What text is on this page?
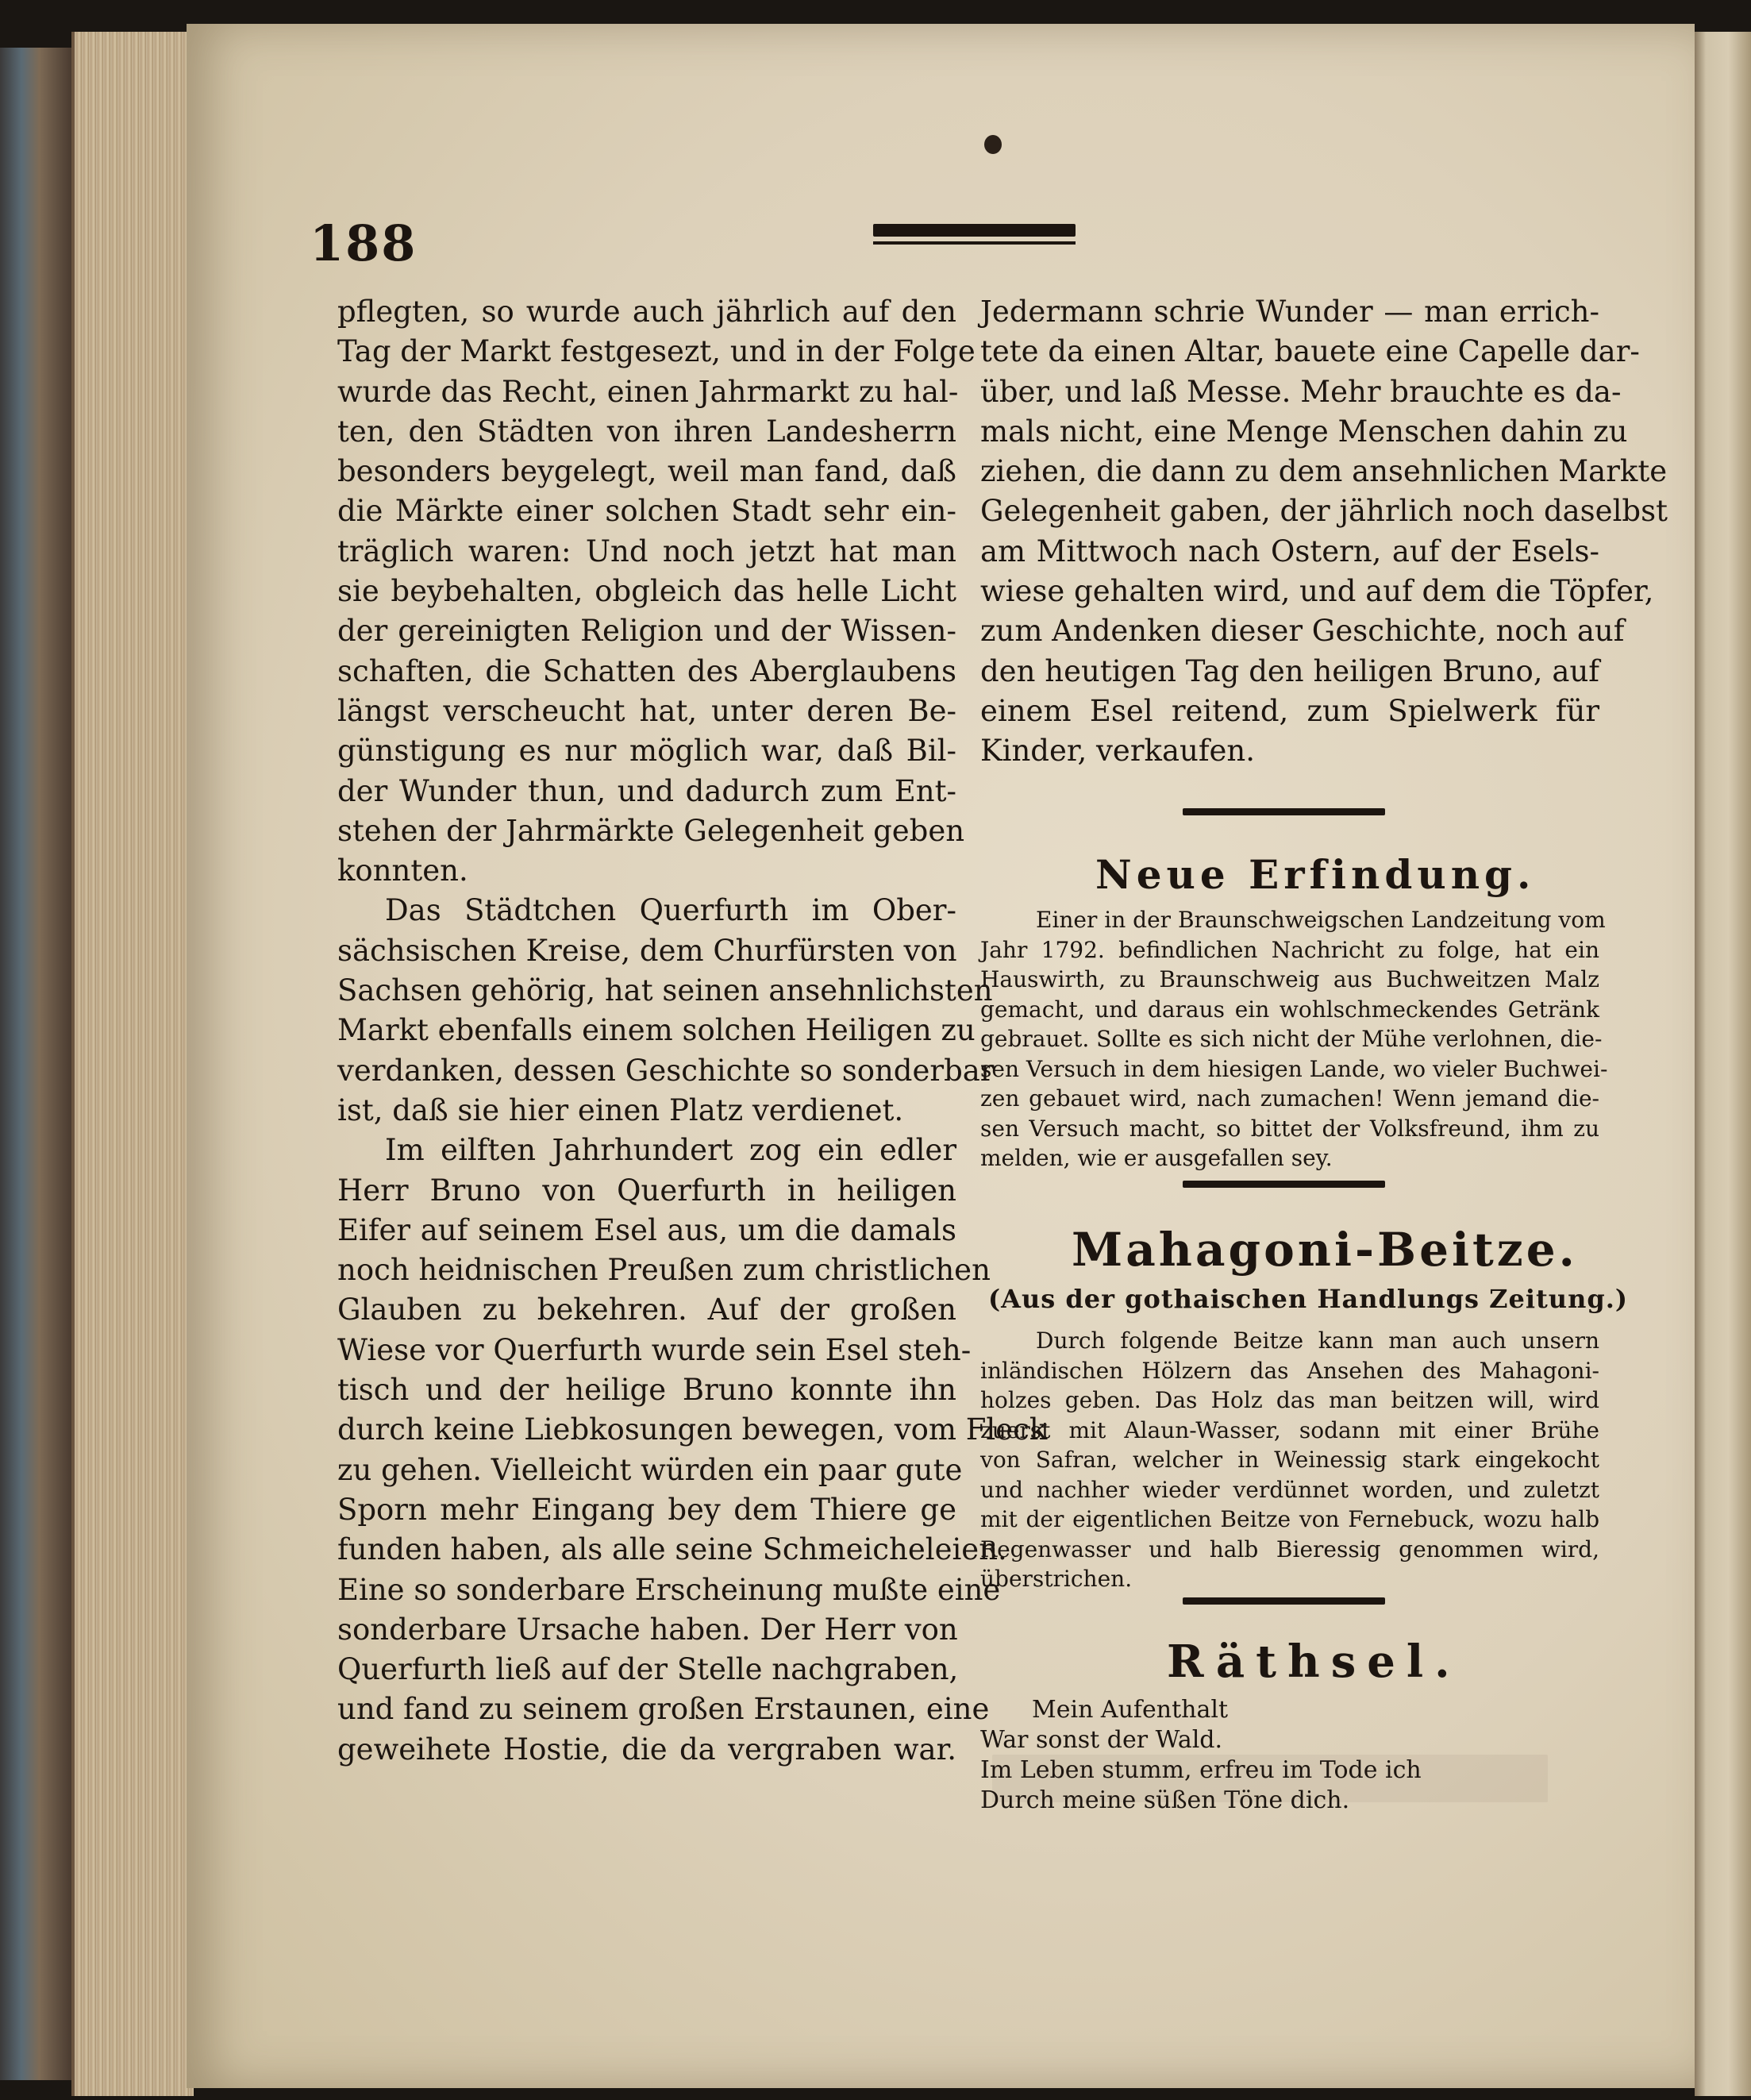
188
pflegten, so wurde auch jährlich auf den
Tag der Markt festgesezt, und in der Folge
wurde das Recht, einen Jahrmarkt zu hal-
ten, den Städten von ihren Landesherrn
besonders beygelegt, weil man fand, daß
die Märkte einer solchen Stadt sehr ein-
träglich waren: Und noch jetzt hat man
sie beybehalten, obgleich das helle Licht
der gereinigten Religion und der Wissen-
schaften, die Schatten des Aberglaubens
längst verscheucht hat, unter deren Be-
günstigung es nur möglich war, daß Bil-
der Wunder thun, und dadurch zum Ent-
stehen der Jahrmärkte Gelegenheit geben
konnten.
Das Städtchen Querfurth im Ober-
sächsischen Kreise, dem Churfürsten von
Sachsen gehörig, hat seinen ansehnlichsten
Markt ebenfalls einem solchen Heiligen zu
verdanken, dessen Geschichte so sonderbar
ist, daß sie hier einen Platz verdienet.
Im eilften Jahrhundert zog ein edler
Herr Bruno von Querfurth in heiligen
Eifer auf seinem Esel aus, um die damals
noch heidnischen Preußen zum christlichen
Glauben zu bekehren. Auf der großen
Wiese vor Querfurth wurde sein Esel steh-
tisch und der heilige Bruno konnte ihn
durch keine Liebkosungen bewegen, vom Fleck
zu gehen. Vielleicht würden ein paar gute
Sporn mehr Eingang bey dem Thiere ge
funden haben, als alle seine Schmeicheleien.
Eine so sonderbare Erscheinung mußte eine
sonderbare Ursache haben. Der Herr von
Querfurth ließ auf der Stelle nachgraben,
und fand zu seinem großen Erstaunen, eine
geweihete Hostie, die da vergraben war.
Jedermann schrie Wunder — man errich-
tete da einen Altar, bauete eine Capelle dar-
über, und laß Messe. Mehr brauchte es da-
mals nicht, eine Menge Menschen dahin zu
ziehen, die dann zu dem ansehnlichen Markte
Gelegenheit gaben, der jährlich noch daselbst
am Mittwoch nach Ostern, auf der Esels-
wiese gehalten wird, und auf dem die Töpfer,
zum Andenken dieser Geschichte, noch auf
den heutigen Tag den heiligen Bruno, auf
einem Esel reitend, zum Spielwerk für
Kinder, verkaufen.
Neue Erfindung.
Einer in der Braunschweigschen Landzeitung vom
Jahr 1792. befindlichen Nachricht zu folge, hat ein
Hauswirth, zu Braunschweig aus Buchweitzen Malz
gemacht, und daraus ein wohlschmeckendes Getränk
gebrauet. Sollte es sich nicht der Mühe verlohnen, die-
sen Versuch in dem hiesigen Lande, wo vieler Buchwei-
zen gebauet wird, nach zumachen! Wenn jemand die-
sen Versuch macht, so bittet der Volksfreund, ihm zu
melden, wie er ausgefallen sey.
Mahagoni-Beitze.
(Aus der gothaischen Handlungs Zeitung.)
Durch folgende Beitze kann man auch unsern
inländischen Hölzern das Ansehen des Mahagoni-
holzes geben. Das Holz das man beitzen will, wird
zuerst mit Alaun-Wasser, sodann mit einer Brühe
von Safran, welcher in Weinessig stark eingekocht
und nachher wieder verdünnet worden, und zuletzt
mit der eigentlichen Beitze von Fernebuck, wozu halb
Regenwasser und halb Bieressig genommen wird,
überstrichen.
Räthsel.
Mein Aufenthalt
War sonst der Wald.
Im Leben stumm, erfreu im Tode ich
Durch meine süßen Töne dich.
